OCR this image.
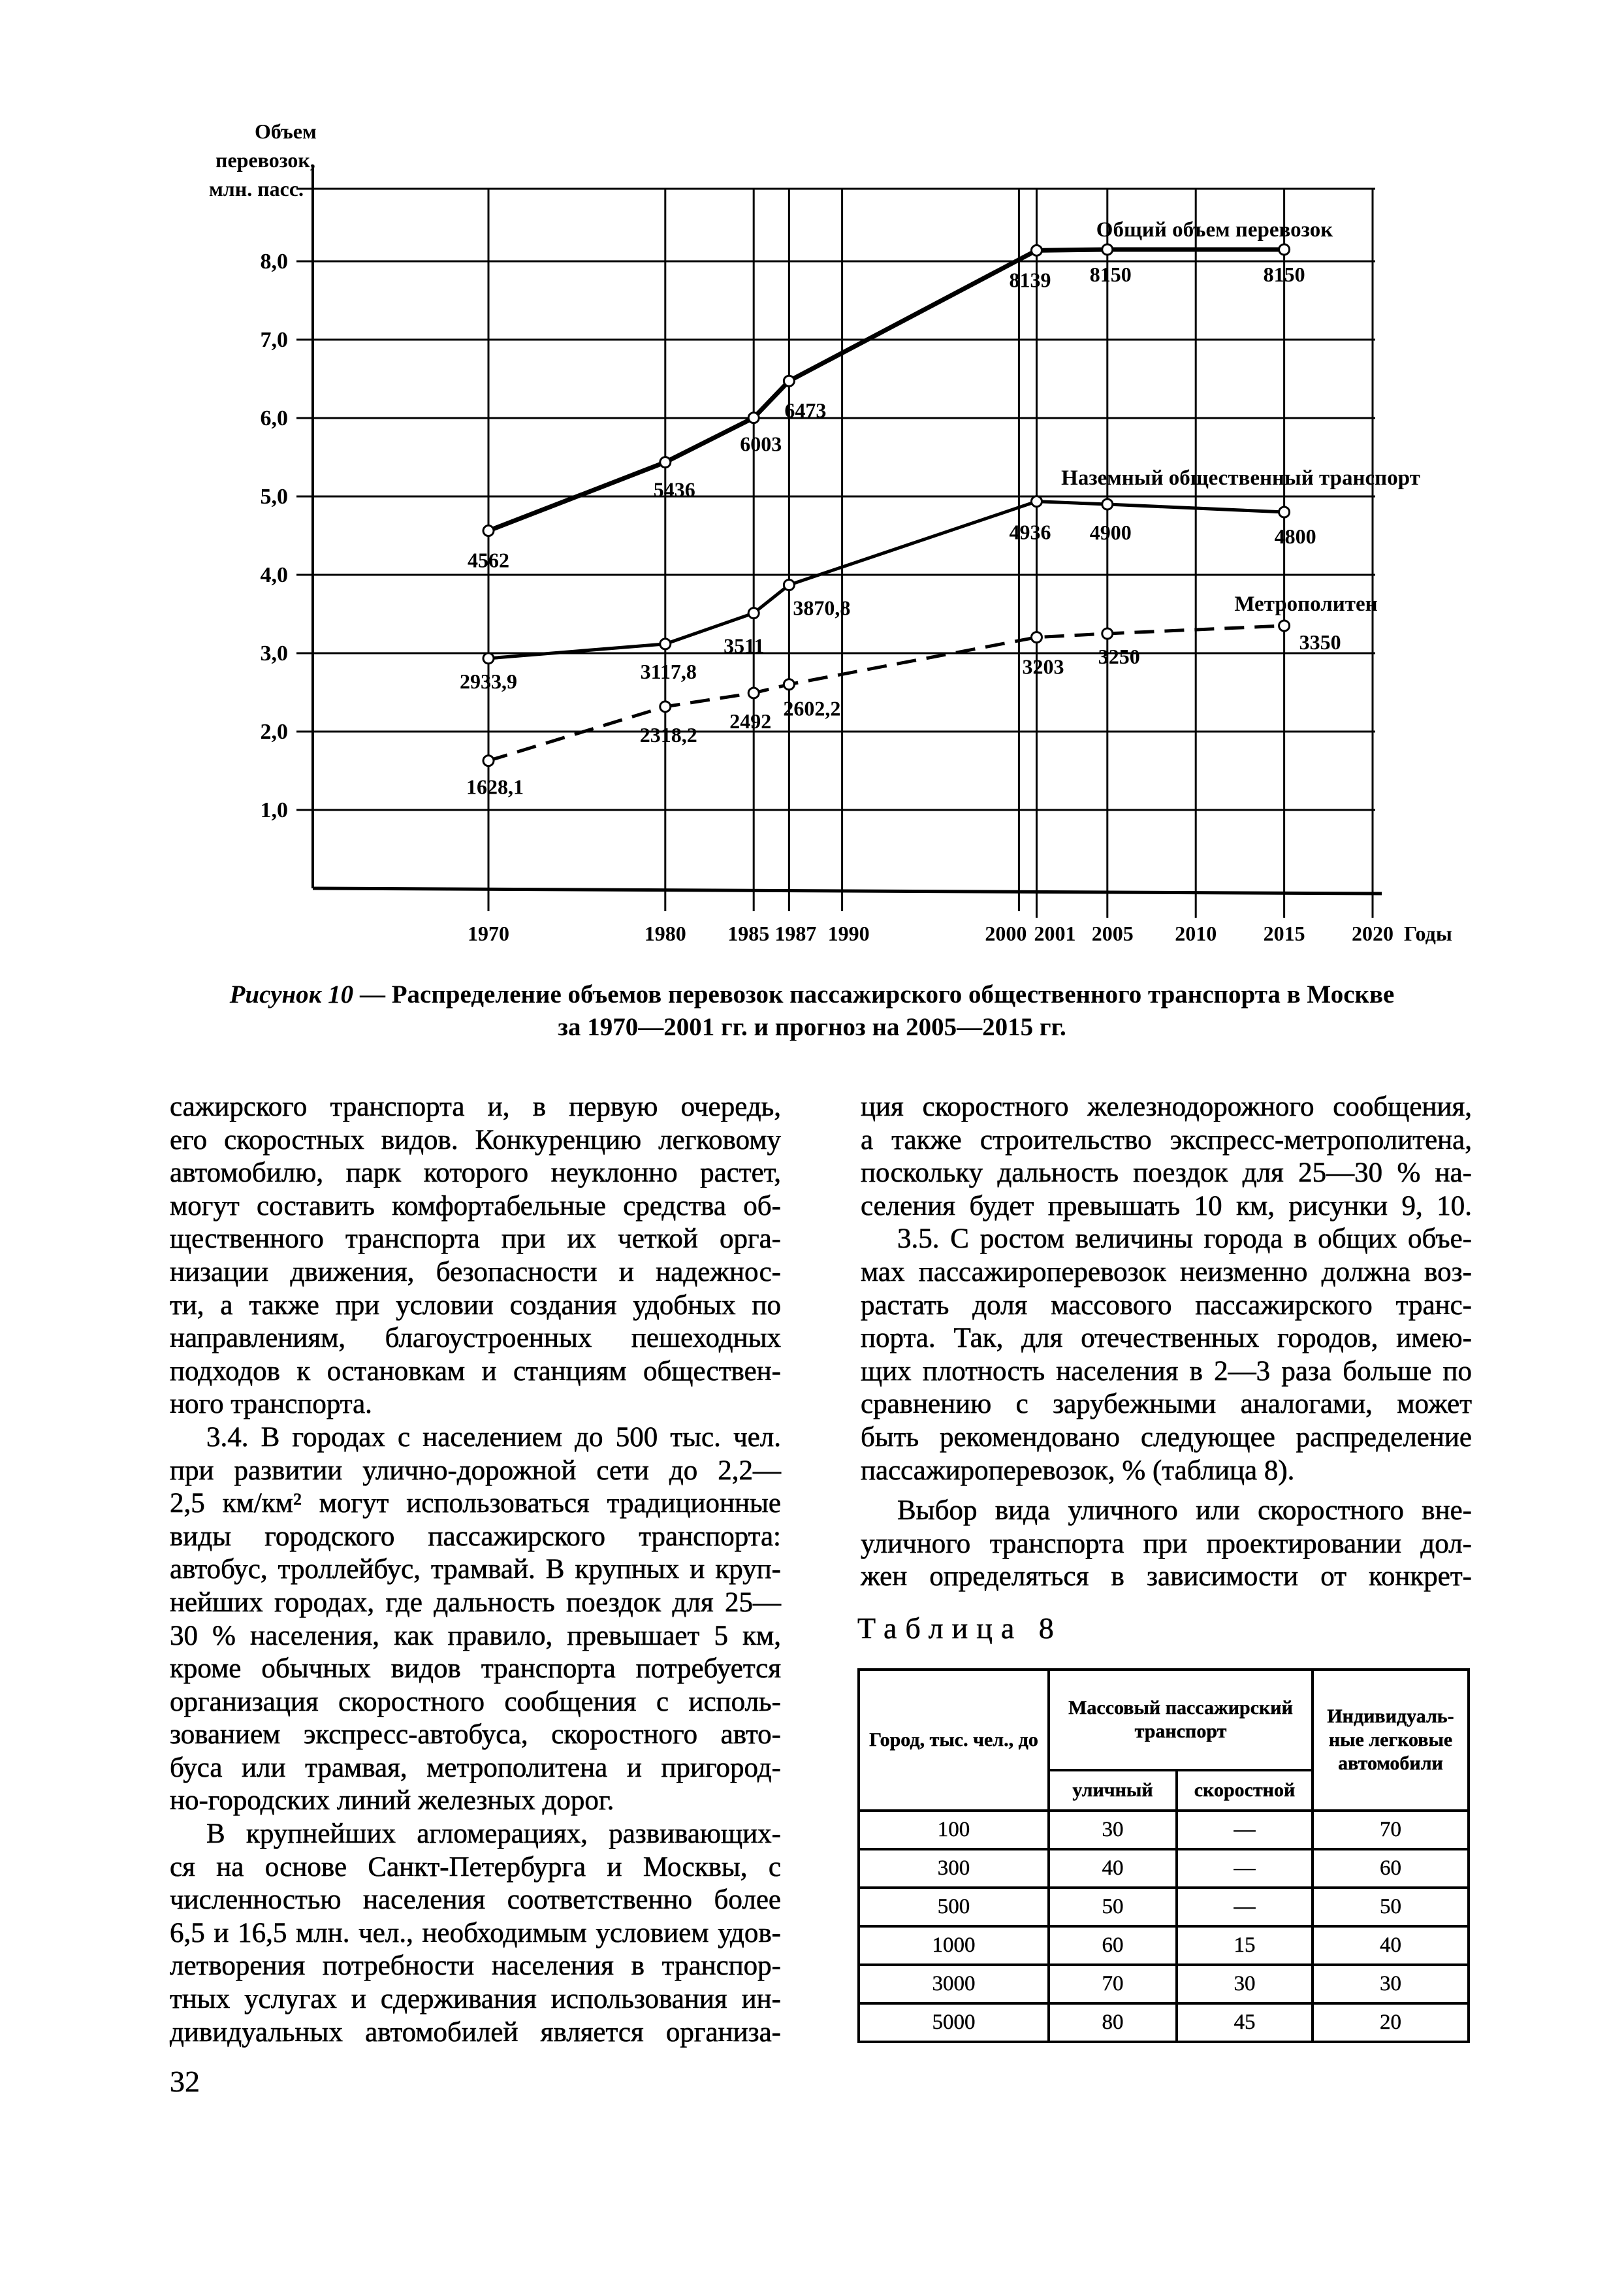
1,0
2,0
3,0
4,0
5,0
6,0
7,0
8,0
1970	1980 1985 1987 1990	2000 2001 2005 2010 2015 2020 Годы
Объем
перевозок,
млн. пасс.
4562
5436
6003
6473
8139 8150	8150
Общий объем перевозок
2933,9	3117,8
3511
3870,8
4936 4900	4800
Наземный общественный транспорт
1628,1
2318,2
2492
2602,2
3203 3250
3350
Метрополитен
Рисунок 10 — Распределение объемов перевозок пассажирского общественного транспорта в Москве
за 1970—2001 гг. и прогноз на 2005—2015 гг.
сажирского транспорта и, в первую очередь,
его скоростных видов. Конкуренцию легковому
автомобилю, парк которого неуклонно растет,
могут составить комфортабельные средства об-
щественного транспорта при их четкой орга-
низации движения, безопасности и надежнос-
ти, а также при условии создания удобных по
направлениям, благоустроенных пешеходных
подходов к остановкам и станциям обществен-
ного транспорта.
3.4. В городах с населением до 500 тыс. чел.
при развитии улично-дорожной сети до 2,2—
2,5 км/км² могут использоваться традиционные
виды городского пассажирского транспорта:
автобус, троллейбус, трамвай. В крупных и круп-
нейших городах, где дальность поездок для 25—
30 % населения, как правило, превышает 5 км,
кроме обычных видов транспорта потребуется
организация скоростного сообщения с исполь-
зованием экспресс-автобуса, скоростного авто-
буса или трамвая, метрополитена и пригород-
но-городских линий железных дорог.
В крупнейших агломерациях, развивающих-
ся на основе Санкт-Петербурга и Москвы, с
численностью населения соответственно более
6,5 и 16,5 млн. чел., необходимым условием удов-
летворения потребности населения в транспор-
тных услугах и сдерживания использования ин-
дивидуальных автомобилей является организа-
ция скоростного железнодорожного сообщения,
а также строительство экспресс-метрополитена,
поскольку дальность поездок для 25—30 % на-
селения будет превышать 10 км, рисунки 9, 10.
3.5. С ростом величины города в общих объе-
мах пассажироперевозок неизменно должна воз-
растать доля массового пассажирского транс-
порта. Так, для отечественных городов, имею-
щих плотность населения в 2—3 раза больше по
сравнению с зарубежными аналогами, может
быть рекомендовано следующее распределение
пассажироперевозок, % (таблица 8).
Выбор вида уличного или скоростного вне-
уличного транспорта при проектировании дол-
жен определяться в зависимости от конкрет-
Таблица 8
Город, тыс. чел., до	Массовый пассажирский транспорт		Индивидуаль-ные легковые автомобили
	уличный	скоростной	
100	30	—	70
300	40	—	60
500	50	—	50
1000	60	15	40
3000	70	30	30
5000	80	45	20
32
